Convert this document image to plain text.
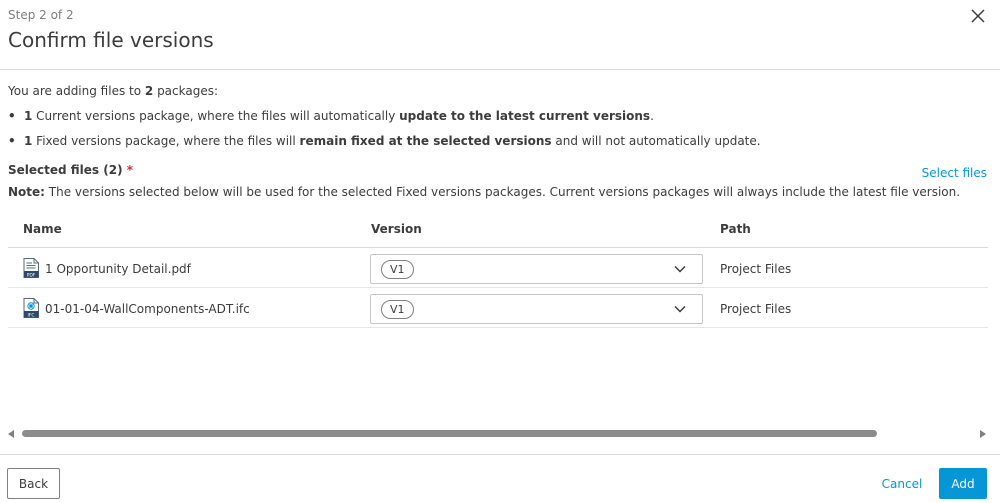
Step 2 of 2
Confirm file versions
You are adding files to 2 packages:
• 1 Current versions package, where the files will automatically update to the latest current versions.
• 1 Fixed versions package, where the files will remain fixed at the selected versions and will not automatically update.
Selected files (2) *	Select files
Note: The versions selected below will be used for the selected Fixed versions packages. Current versions packages will always include the latest file version.
Name	Version	Path
PDF 1 Opportunity Detail.pdf	V1	Project Files
IFC 01-01-04-WallComponents-ADT.ifc	V1	Project Files
Back	Cancel	Add
